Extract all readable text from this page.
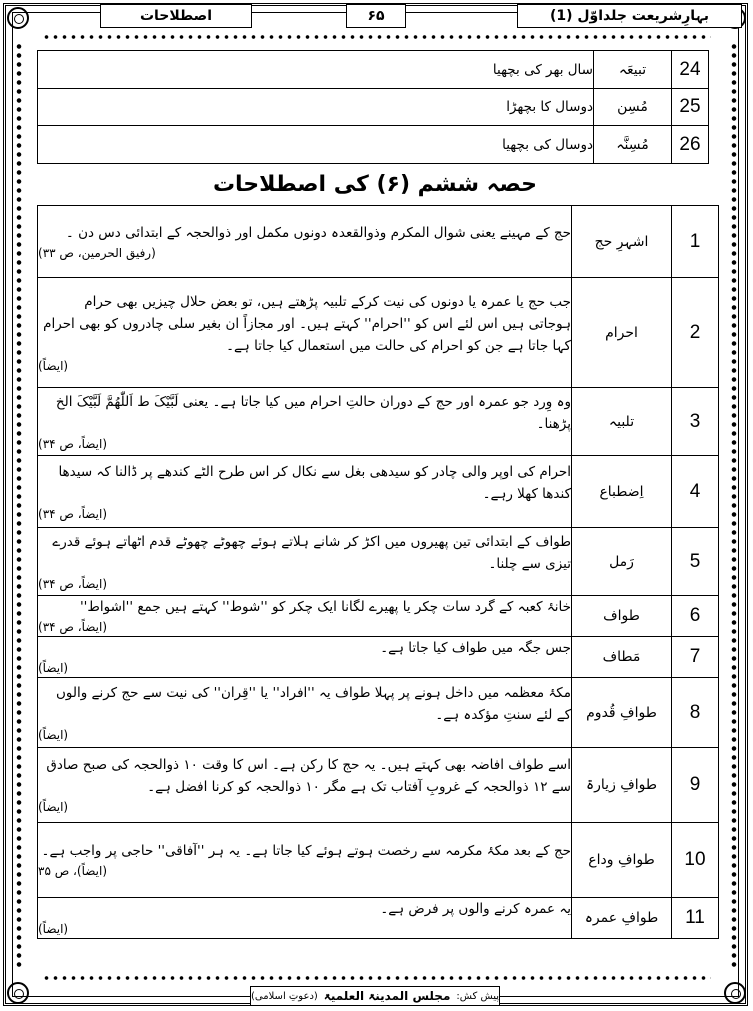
بہارِشریعت جلداوّل (1)
۶۵
اصطلاحات
24	تبیعَہ	سال بھر کی بچھیا
25	مُسِن	دوسال کا بچھڑا
26	مُسِنَّہ	دوسال کی بچھیا
حصہ ششم (۶) کی اصطلاحات
1	اشہرِ حج	حج کے مہینے یعنی شوال المکرم وذوالقعدہ دونوں مکمل اور ذوالحجہ کے ابتدائی دس دن ۔
(رفیق الحرمین، ص ۳۳)

2	احرام	جب حج یا عمرہ یا دونوں کی نیت کرکے تلبیہ پڑھتے ہیں، تو بعض حلال چیزیں بھی حرام ہوجاتی ہیں اس لئے اس کو ''احرام'' کہتے ہیں۔ اور مجازاً ان بغیر سلی چادروں کو بھی احرام کہا جاتا ہے جن کو احرام کی حالت میں استعمال کیا جاتا ہے۔
(ایضاً)

3	تلبیہ	وہ وِرد جو عمرہ اور حج کے دوران حالتِ احرام میں کیا جاتا ہے۔ یعنی لَبَّیْکَ ط اَللّٰھُمَّ لَبَّیْکَ الخ پڑھنا۔
(ایضاً، ص ۳۴)

4	اِضطباع	احرام کی اوپر والی چادر کو سیدھی بغل سے نکال کر اس طرح الٹے کندھے پر ڈالنا کہ سیدھا کندھا کھلا رہے۔
(ایضاً، ص ۳۴)

5	رَمل	طواف کے ابتدائی تین پھیروں میں اکڑ کر شانے ہلاتے ہوئے چھوٹے چھوٹے قدم اٹھاتے ہوئے قدرے تیزی سے چلنا۔
(ایضاً، ص ۳۴)

6	طواف	خانۂ کعبہ کے گرد سات چکر یا پھیرے لگانا ایک چکر کو ''شوط'' کہتے ہیں جمع ''اشواط''
(ایضاً، ص ۳۴)

7	مَطاف	جس جگہ میں طواف کیا جاتا ہے۔
(ایضاً)

8	طوافِ قُدوم	مکۂ معظمہ میں داخل ہونے پر پہلا طواف یہ ''افراد'' یا ''قِران'' کی نیت سے حج کرنے والوں کے لئے سنتِ مؤکدہ ہے۔
(ایضاً)

9	طوافِ زیارۃ	اسے طواف افاضہ بھی کہتے ہیں۔ یہ حج کا رکن ہے۔ اس کا وقت ۱۰ ذوالحجہ کی صبح صادق سے ۱۲ ذوالحجہ کے غروبِ آفتاب تک ہے مگر ۱۰ ذوالحجہ کو کرنا افضل ہے۔
(ایضاً)

10	طوافِ وداع	حج کے بعد مکۂ مکرمہ سے رخصت ہوتے ہوئے کیا جاتا ہے۔ یہ ہر ''آفاقی'' حاجی پر واجب ہے۔
(ایضاً)، ص ۳۵

11	طوافِ عمرہ	یہ عمرہ کرنے والوں پر فرض ہے۔
(ایضاً)
پیش کش:
مجلس المدینۃ العلمیۃ
(دعوتِ اسلامی)
